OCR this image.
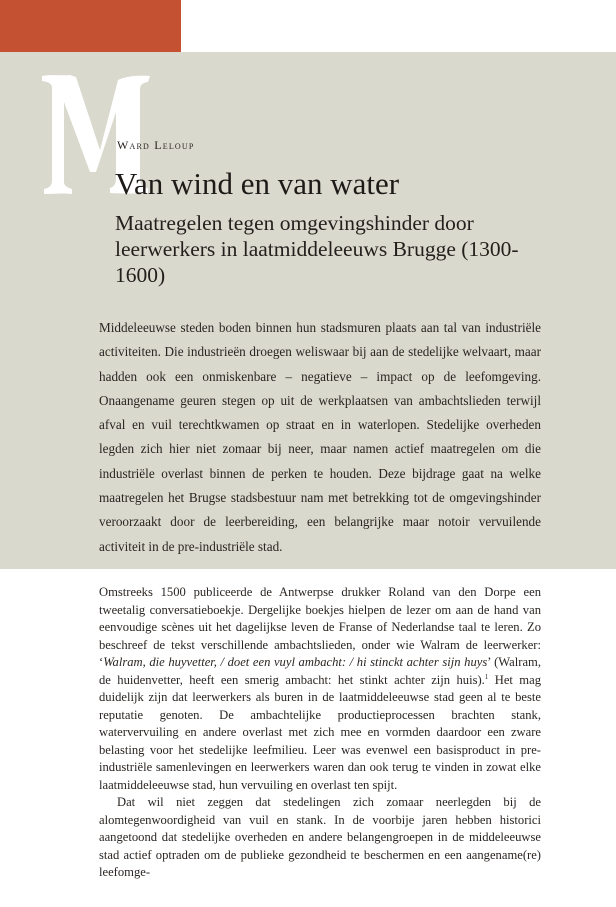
Willem bedelijcke maerts	Ward Leloup
Van wind en van water
Maatregelen tegen omgevingshinder door leerwerkers in laatmiddeleeuws Brugge (1300-1600)

Middeleeuwse steden boden binnen hun stadsmuren plaats aan tal van industriële activiteiten. Die industrieën droegen weliswaar bij aan de stedelijke welvaart, maar hadden ook een onmiskenbare – negatieve – impact op de leefomgeving. Onaangename geuren stegen op uit de werkplaatsen van ambachtslieden terwijl afval en vuil terechtkwamen op straat en in waterlopen. Stedelijke overheden legden zich hier niet zomaar bij neer, maar namen actief maatregelen om die industriële overlast binnen de perken te houden. Deze bijdrage gaat na welke maatregelen het Brugse stadsbestuur nam met betrekking tot de omgevingshinder veroorzaakt door de leerbereiding, een belangrijke maar notoir vervuilende activiteit in de pre-industriële stad.

Omstreeks 1500 publiceerde de Antwerpse drukker Roland van den Dorpe een tweetalig conversatieboekje. Dergelijke boekjes hielpen de lezer om aan de hand van eenvoudige scènes uit het dagelijkse leven de Franse of Nederlandse taal te leren. Zo beschreef de tekst verschillende ambachtslieden, onder wie Walram de leerwerker: ‘Walram, die huyvetter, / doet een vuyl ambacht: / hi stinckt achter sijn huys’ (Walram, de huidenvetter, heeft een smerig ambacht: het stinkt achter zijn huis).$^1$ Het mag duidelijk zijn dat leerwerkers als buren in de laatmiddeleeuwse stad geen al te beste reputatie genoten. De ambachtelijke productieprocessen brachten stank, watervervuiling en andere overlast met zich mee en vormden daardoor een zware belasting voor het stedelijke leefmilieu. Leer was evenwel een basisproduct in pre-industriële samenlevingen en leerwerkers waren dan ook terug te vinden in zowat elke laatmiddeleeuwse stad, hun vervuiling en overlast ten spijt.

Dat wil niet zeggen dat stedelingen zich zomaar neerlegden bij de alomtegenwoordigheid van vuil en stank. In de voorbije jaren hebben historici aangetoond dat stedelijke overheden en andere belangengroepen in de middeleeuwse stad actief optraden om de publieke gezondheid te beschermen en een aangename(re) leefomge-
